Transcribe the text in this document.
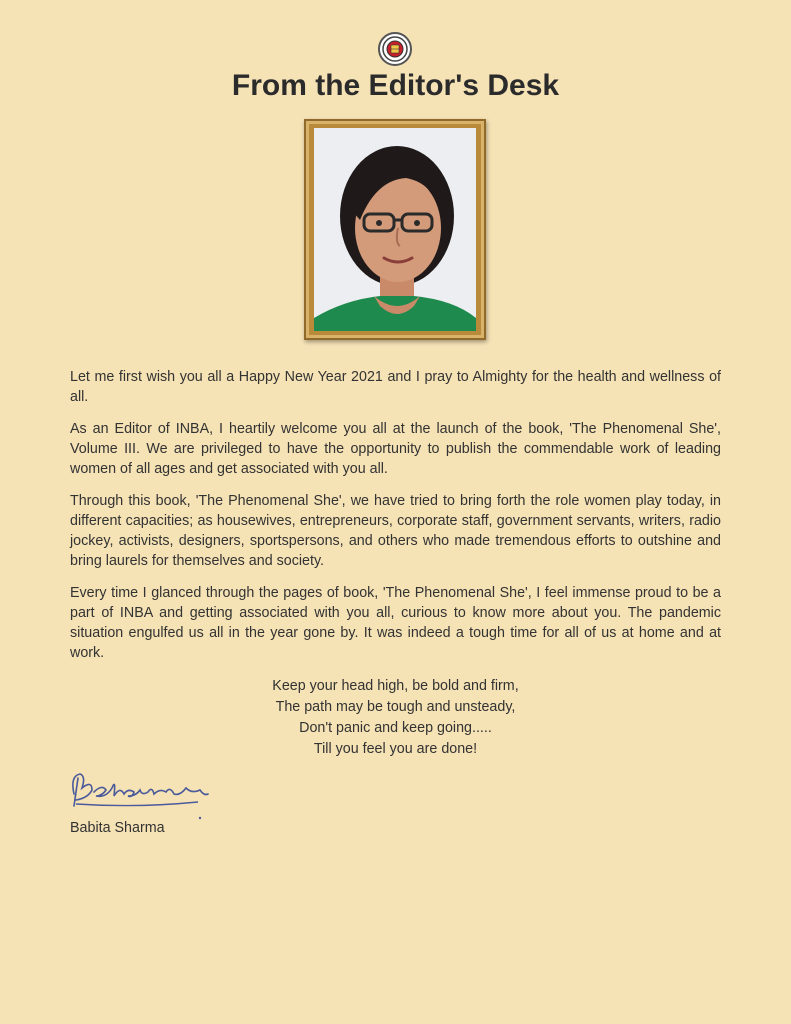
From the Editor's Desk

Let me first wish you all a Happy New Year 2021 and I pray to Almighty for the health and wellness of all.

As an Editor of INBA, I heartily welcome you all at the launch of the book, 'The Phenomenal She', Volume III. We are privileged to have the opportunity to publish the commendable work of leading women of all ages and get associated with you all.

Through this book, 'The Phenomenal She', we have tried to bring forth the role women play today, in different capacities; as housewives, entrepreneurs, corporate staff, government servants, writers, radio jockey, activists, designers, sportspersons, and others who made tremendous efforts to outshine and bring laurels for themselves and society.

Every time I glanced through the pages of book, 'The Phenomenal She', I feel immense proud to be a part of INBA and getting associated with you all, curious to know more about you. The pandemic situation engulfed us all in the year gone by. It was indeed a tough time for all of us at home and at work.

Keep your head high, be bold and firm,
The path may be tough and unsteady,
Don't panic and keep going.....
Till you feel you are done!
Babita Sharma
